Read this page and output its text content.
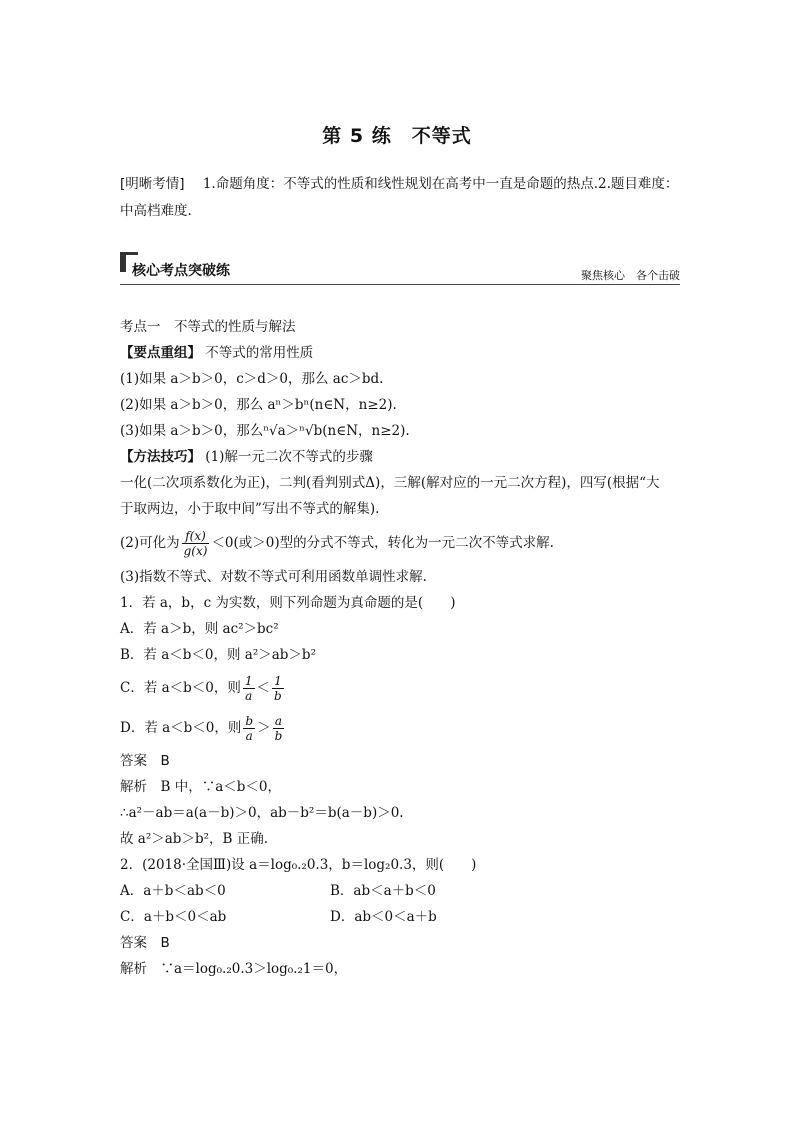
第 5 练　不等式
[明晰考情] 1.命题角度：不等式的性质和线性规划在高考中一直是命题的热点.2.题目难度：
中高档难度.
核心考点突破练	聚焦核心　各个击破
考点一　不等式的性质与解法
【要点重组】 不等式的常用性质
(1)如果 a＞b＞0，c＞d＞0，那么 ac＞bd.
(2)如果 a＞b＞0，那么 aⁿ＞bⁿ(n∈N，n≥2).
(3)如果 a＞b＞0，那么ⁿ√a＞ⁿ√b(n∈N，n≥2).
【方法技巧】 (1)解一元二次不等式的步骤
一化(二次项系数化为正)，二判(看判别式Δ)，三解(解对应的一元二次方程)，四写(根据“大
于取两边，小于取中间”写出不等式的解集).
(2)可化为 $\frac{f(x)}{g(x)} <0$(或＞0)型的分式不等式，转化为一元二次不等式求解.
(3)指数不等式、对数不等式可利用函数单调性求解.
1．若 a，b，c 为实数，则下列命题为真命题的是(　　)
A．若 a＞b，则 ac²＞bc²
B．若 a＜b＜0，则 a²＞ab＞b²
C．若 a＜b＜0，则 $\frac{1}{a} < \frac{1}{b}$
D．若 a＜b＜0，则 $\frac{b}{a} > \frac{a}{b}$
答案　B
解析　B 中，∵a＜b＜0，
∴a²－ab＝a(a－b)＞0，ab－b²＝b(a－b)＞0.
故 a²＞ab＞b²，B 正确.
2．(2018·全国Ⅲ)设 a＝log₀.₂0.3，b＝log₂0.3，则(　　)
A．a＋b＜ab＜0	B．ab＜a＋b＜0
C．a＋b＜0＜ab	D．ab＜0＜a＋b
答案　B
解析　∵a＝log₀.₂0.3＞log₀.₂1＝0，
